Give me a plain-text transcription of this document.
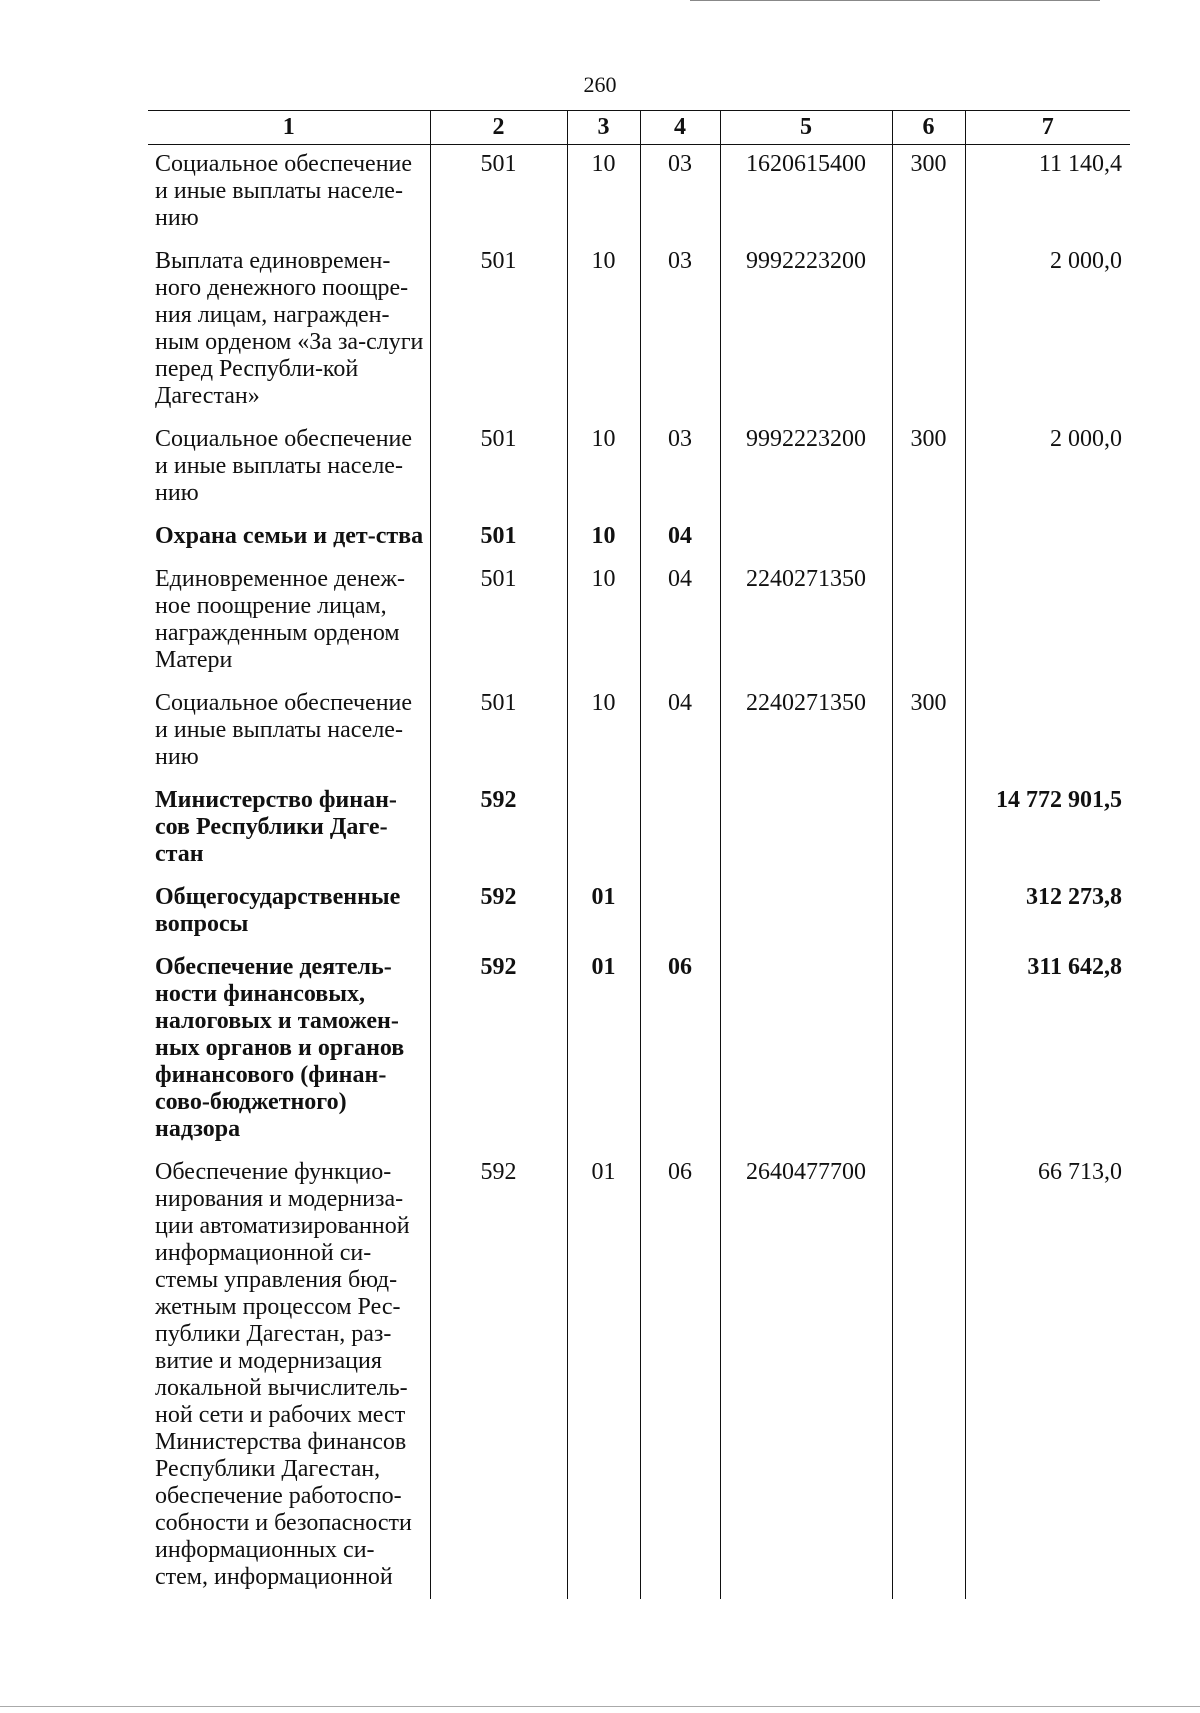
260
1	2	3	4	5	6	7
Социальное обеспечение и иные выплаты населе-нию	501	10	03	1620615400	300	11 140,4
Выплата единовремен-ного денежного поощре-ния лицам, награжден-ным орденом «За за-слуги перед Республи-кой Дагестан»	501	10	03	9992223200		2 000,0
Социальное обеспечение и иные выплаты населе-нию	501	10	03	9992223200	300	2 000,0
Охрана семьи и дет-ства	501	10	04			
Единовременное денеж-ное поощрение лицам, награжденным орденом Матери	501	10	04	2240271350		
Социальное обеспечение и иные выплаты населе-нию	501	10	04	2240271350	300	
Министерство финан-сов Республики Даге-стан	592					14 772 901,5
Общегосударственные вопросы	592	01				312 273,8
Обеспечение деятель-ности финансовых, налоговых и таможен-ных органов и органов финансового (финан-сово-бюджетного) надзора	592	01	06			311 642,8
Обеспечение функцио-нирования и модерниза-ции автоматизированной информационной си-стемы управления бюд-жетным процессом Рес-публики Дагестан, раз-витие и модернизация локальной вычислитель-ной сети и рабочих мест Министерства финансов Республики Дагестан, обеспечение работоспо-собности и безопасности информационных си-стем, информационной	592	01	06	2640477700		66 713,0
